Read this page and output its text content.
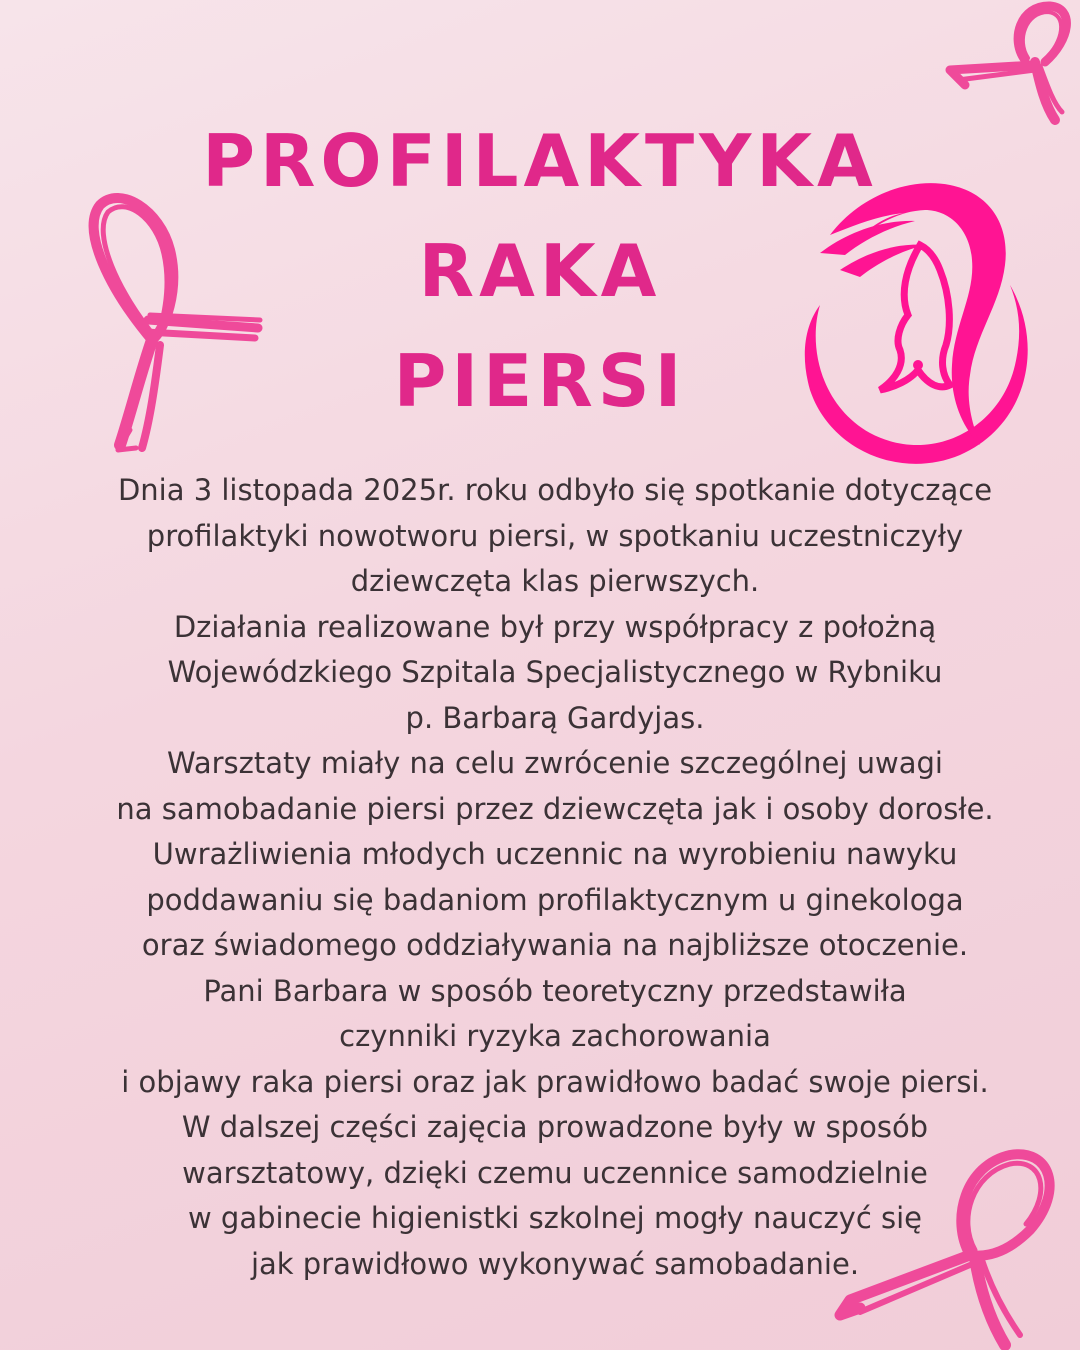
PROFILAKTYKA
RAKA
PIERSI
Dnia 3 listopada 2025r. roku odbyło się spotkanie dotyczące
profilaktyki nowotworu piersi, w spotkaniu uczestniczyły
dziewczęta klas pierwszych.
Działania realizowane był przy współpracy z położną
Wojewódzkiego Szpitala Specjalistycznego w Rybniku
p. Barbarą Gardyjas.
Warsztaty miały na celu zwrócenie szczególnej uwagi
na samobadanie piersi przez dziewczęta jak i osoby dorosłe.
Uwrażliwienia młodych uczennic na wyrobieniu nawyku
poddawaniu się badaniom profilaktycznym u ginekologa
oraz świadomego oddziaływania na najbliższe otoczenie.
Pani Barbara w sposób teoretyczny przedstawiła
czynniki ryzyka zachorowania
i objawy raka piersi oraz jak prawidłowo badać swoje piersi.
W dalszej części zajęcia prowadzone były w sposób
warsztatowy, dzięki czemu uczennice samodzielnie
w gabinecie higienistki szkolnej mogły nauczyć się
jak prawidłowo wykonywać samobadanie.
